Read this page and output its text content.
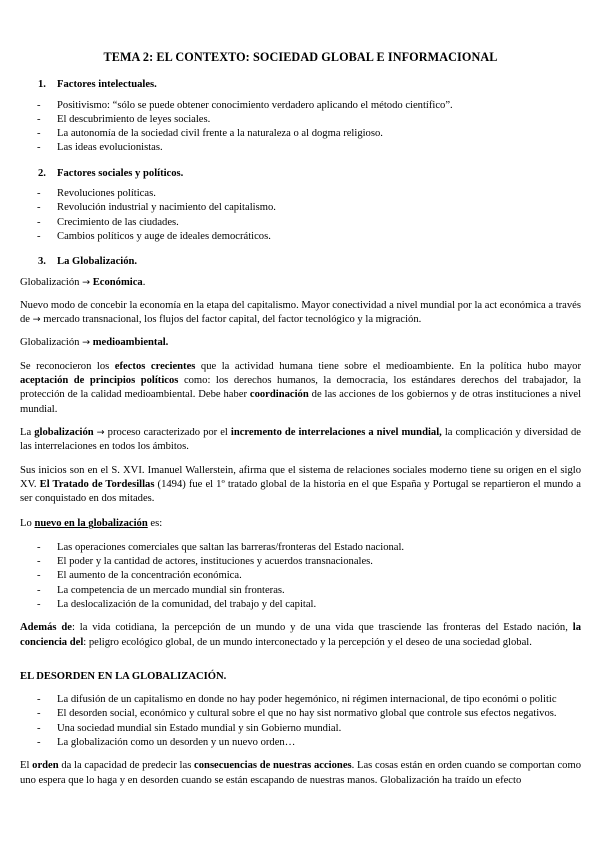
TEMA 2: EL CONTEXTO: SOCIEDAD GLOBAL E INFORMACIONAL
1. Factores intelectuales.
- Positivismo: “sólo se puede obtener conocimiento verdadero aplicando el método científico”.
- El descubrimiento de leyes sociales.
- La autonomía de la sociedad civil frente a la naturaleza o al dogma religioso.
- Las ideas evolucionistas.
2. Factores sociales y políticos.
- Revoluciones políticas.
- Revolución industrial y nacimiento del capitalismo.
- Crecimiento de las ciudades.
- Cambios políticos y auge de ideales democráticos.
3. La Globalización.

Globalización → Económica.

Nuevo modo de concebir la economía en la etapa del capitalismo. Mayor conectividad a nivel mundial por la act económica a través de → mercado transnacional, los flujos del factor capital, del factor tecnológico y la migración.

Globalización → medioambiental.

Se reconocieron los efectos crecientes que la actividad humana tiene sobre el medioambiente. En la política hubo mayor aceptación de principios políticos como: los derechos humanos, la democracia, los estándares derechos del trabajador, la protección de la calidad medioambiental. Debe haber coordinación de las acciones de los gobiernos y de otras instituciones a nivel mundial.

La globalización → proceso caracterizado por el incremento de interrelaciones a nivel mundial, la complicación y diversidad de las interrelaciones en todos los ámbitos.

Sus inicios son en el S. XVI. Imanuel Wallerstein, afirma que el sistema de relaciones sociales moderno tiene su origen en el siglo XV. El Tratado de Tordesillas (1494) fue el 1º tratado global de la historia en el que España y Portugal se repartieron el mundo a ser conquistado en dos mitades.

Lo nuevo en la globalización es:

- Las operaciones comerciales que saltan las barreras/fronteras del Estado nacional.
- El poder y la cantidad de actores, instituciones y acuerdos transnacionales.
- El aumento de la concentración económica.
- La competencia de un mercado mundial sin fronteras.
- La deslocalización de la comunidad, del trabajo y del capital.

Además de: la vida cotidiana, la percepción de un mundo y de una vida que trasciende las fronteras del Estado nación, la conciencia del: peligro ecológico global, de un mundo interconectado y la percepción y el deseo de una sociedad global.

EL DESORDEN EN LA GLOBALIZACIÓN.
- La difusión de un capitalismo en donde no hay poder hegemónico, ni régimen internacional, de tipo económi o politic
- El desorden social, económico y cultural sobre el que no hay sist normativo global que controle sus efectos negativos.
- Una sociedad mundial sin Estado mundial y sin Gobierno mundial.
- La globalización como un desorden y un nuevo orden…

El orden da la capacidad de predecir las consecuencias de nuestras acciones. Las cosas están en orden cuando se comportan como uno espera que lo haga y en desorden cuando se están escapando de nuestras manos. Globalización ha traído un efecto
